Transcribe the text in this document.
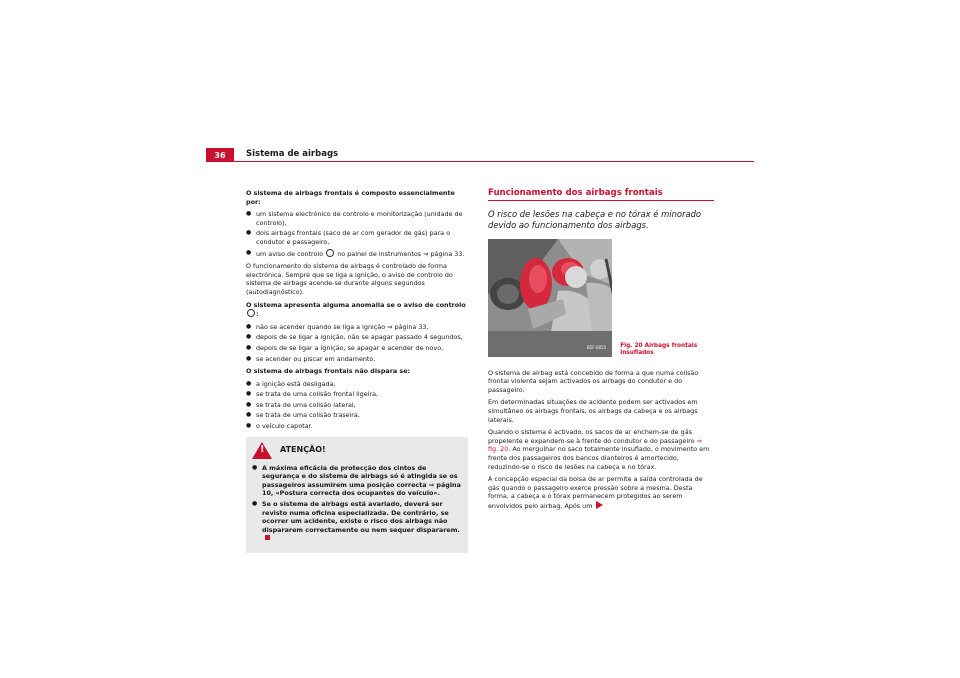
36	Sistema de airbags

O sistema de airbags frontais é composto essencialmente por:

● um sistema electrónico de controlo e monitorização (unidade de controlo),
● dois airbags frontais (saco de ar com gerador de gás) para o condutor e passageiro,
● um aviso de controlo no painel de instrumentos ⇒ página 33.

O funcionamento do sistema de airbags é controlado de forma electrónica. Sempre que se liga a ignição, o aviso de controlo do sistema de airbags acende-se durante alguns segundos (autodiagnóstico).

O sistema apresenta alguma anomalia se o aviso de controlo :

● não se acender quando se liga a ignição ⇒ página 33,
● depois de se ligar a ignição, não se apagar passado 4 segundos,
● depois de se ligar a ignição, se apagar e acender de novo,
● se acender ou piscar em andamento.

O sistema de airbags frontais não dispara se:

● a ignição está desligada,
● se trata de uma colisão frontal ligeira,
● se trata de uma colisão lateral,
● se trata de uma colisão traseira,
● o veículo capotar.
! ATENÇÃO!
● A máxima eficácia de protecção dos cintos de segurança e do sistema de airbags só é atingida se os passageiros assumirem uma posição correcta ⇒ página 10, «Postura correcta dos ocupantes do veículo».
● Se o sistema de airbags está avariado, deverá ser revisto numa oficina especializada. De contrário, se ocorrer um acidente, existe o risco dos airbags não dispararem correctamente ou nem sequer dispararem.
Funcionamento dos airbags frontais
O risco de lesões na cabeça e no tórax é minorado devido ao funcionamento dos airbags.
B5F-0055 Fig. 20 Airbags frontais insuflados

O sistema de airbag está concebido de forma a que numa colisão frontal violenta sejam activados os airbags do condutor e do passageiro.

Em determinadas situações de acidente podem ser activados em simultâneo os airbags frontais, os airbags da cabeça e os airbags laterais.

Quando o sistema é activado, os sacos de ar enchem-se de gás propelente e expandem-se à frente do condutor e do passageiro ⇒ fig. 20. Ao mergulhar no saco totalmente insuflado, o movimento em frente dos passageiros dos bancos dianteiros é amortecido, reduzindo-se o risco de lesões na cabeça e no tórax.

A concepção especial da bolsa de ar permite a saída controlada de gás quando o passageiro exerce pressão sobre a mesma. Desta forma, a cabeça e o tórax permanecem protegidos ao serem envolvidos pelo airbag. Após um
